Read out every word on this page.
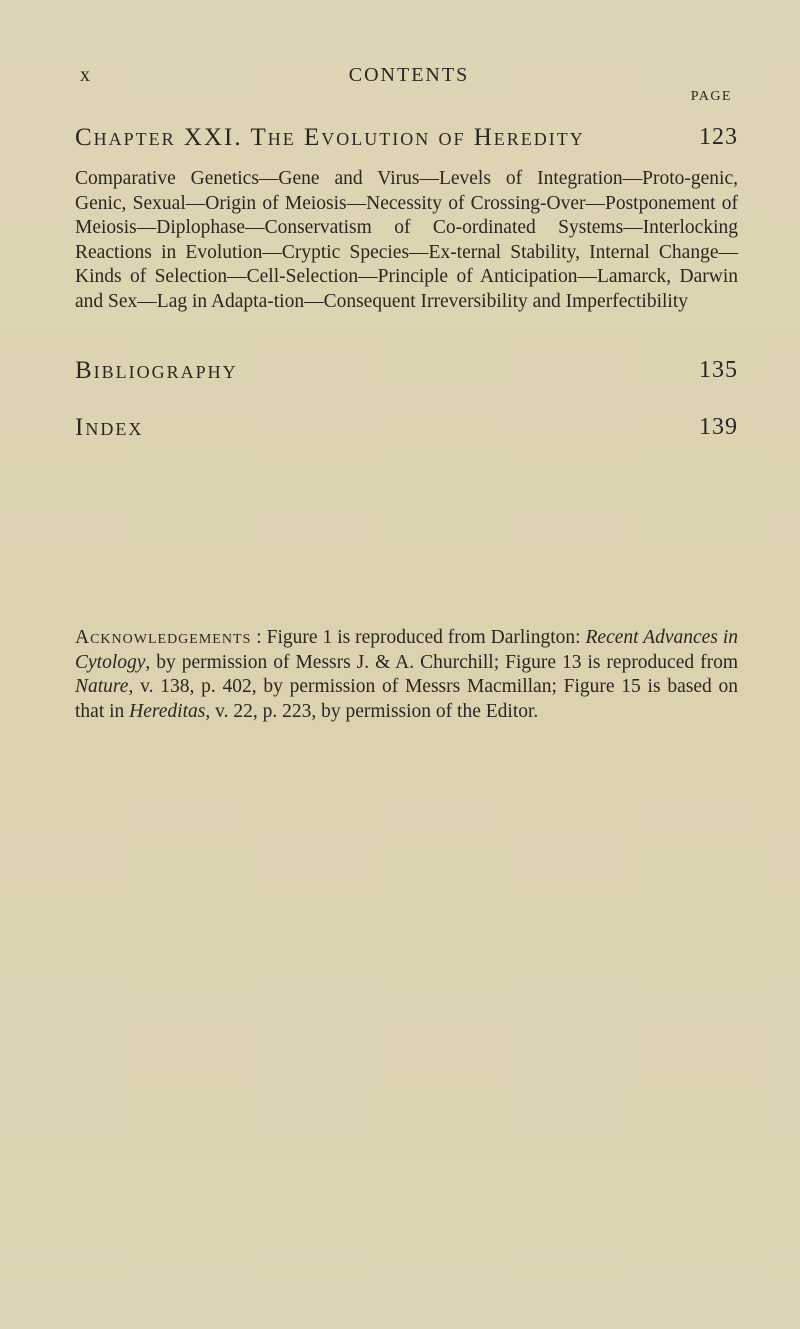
x	CONTENTS
PAGE
Chapter XXI. The Evolution of Heredity	123
Comparative Genetics—Gene and Virus—Levels of Integration—Proto-genic, Genic, Sexual—Origin of Meiosis—Necessity of Crossing-Over—Postponement of Meiosis—Diplophase—Conservatism of Co-ordinated Systems—Interlocking Reactions in Evolution—Cryptic Species—Ex-ternal Stability, Internal Change—Kinds of Selection—Cell-Selection—Principle of Anticipation—Lamarck, Darwin and Sex—Lag in Adapta-tion—Consequent Irreversibility and Imperfectibility
Bibliography	135
Index	139
Acknowledgements : Figure 1 is reproduced from Darlington: Recent Advances in Cytology, by permission of Messrs J. & A. Churchill; Figure 13 is reproduced from Nature, v. 138, p. 402, by permission of Messrs Macmillan; Figure 15 is based on that in Hereditas, v. 22, p. 223, by permission of the Editor.
